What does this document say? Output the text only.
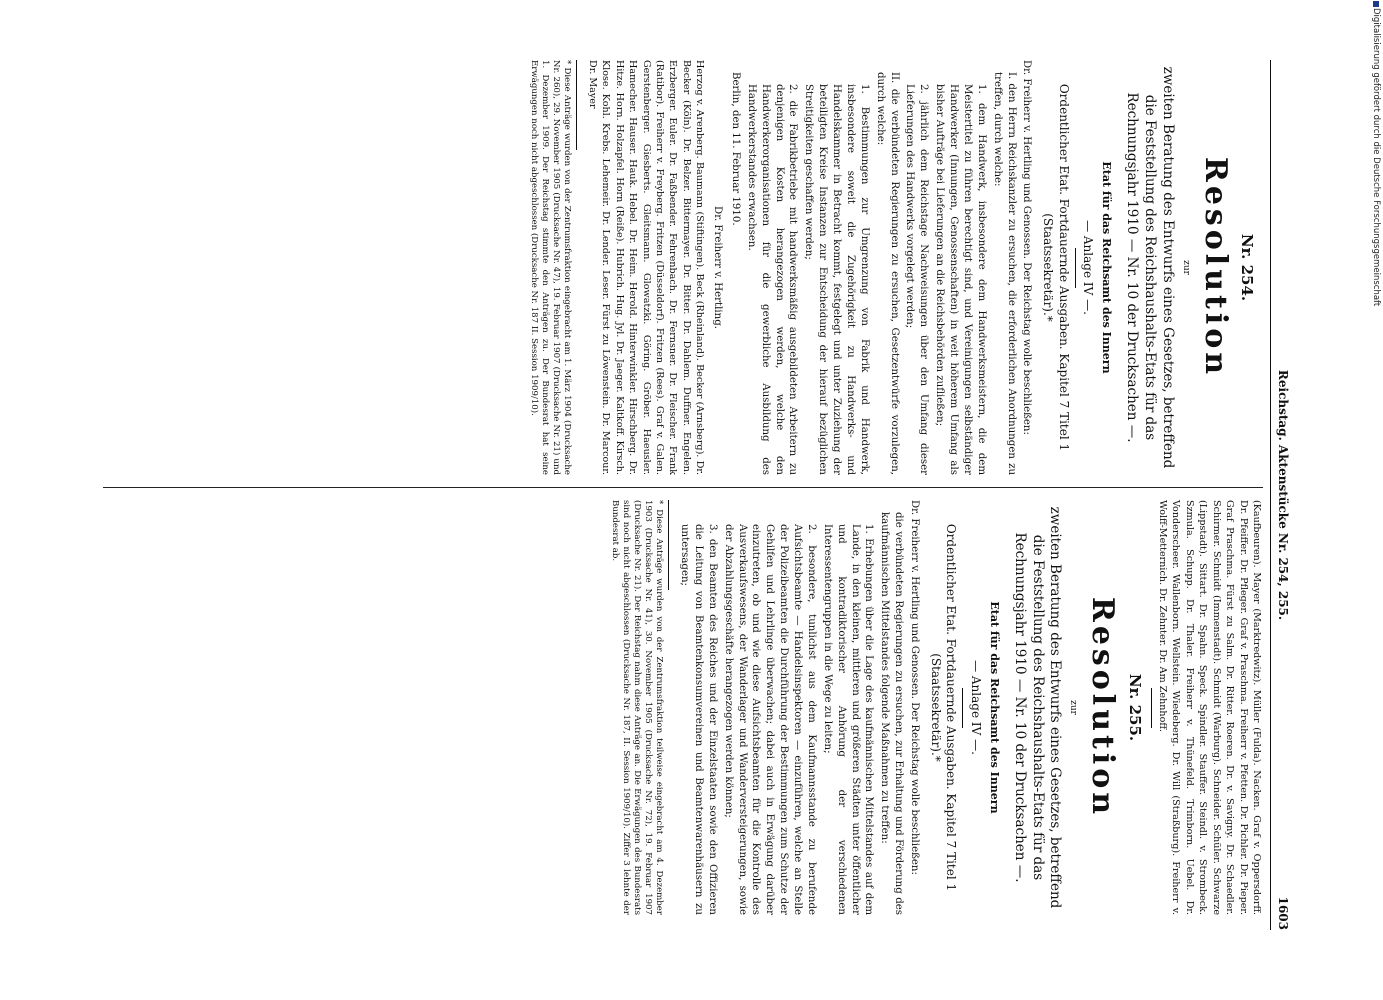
Digitalisierung gefördert durch die Deutsche Forschungsgemeinschaft
Reichstag. Aktenstücke Nr. 254, 255.
1603
Nr. 254.
Resolution
zur
zweiten Beratung des Entwurfs eines Gesetzes, betreffend die Feststellung des Reichshaushalts-Etats für das Rechnungsjahr 1910 — Nr. 10 der Drucksachen —.
Etat für das Reichsamt des Innern
— Anlage IV —.
Ordentlicher Etat. Fortdauernde Ausgaben. Kapitel 7 Titel 1 (Staatssekretär).*

Dr. Freiherr v. Hertling und Genossen. Der Reichstag wolle beschließen:

I. den Herrn Reichskanzler zu ersuchen, die erforderlichen Anordnungen zu treffen, durch welche:

1. dem Handwerk, insbesondere dem Handwerksmeistern, die dem Meistertitel zu führen berechtigt sind, und Vereinigungen selbständiger Handwerker (Innungen, Genossenschaften) in weit höherem Umfang als bisher Aufträge bei Lieferungen an die Reichsbehörden zufließen;

2. jährlich dem Reichstage Nachweisungen über den Umfang dieser Lieferungen des Handwerks vorgelegt werden;

II. die verbündeten Regierungen zu ersuchen, Gesetzentwürfe vorzulegen, durch welche:

1. Bestimmungen zur Umgrenzung von Fabrik und Handwerk, insbesondere soweit die Zugehörigkeit zu Handwerks- und Handelskammer in Betracht kommt, festgelegt und unter Zuziehung der beteiligten Kreise Instanzen zur Entscheidung der hierauf bezüglichen Streitigkeiten geschaffen werden;

2. die Fabrikbetriebe mit handwerksmäßig ausgebildeten Arbeitern zu denjenigen Kosten herangezogen werden, welche den Handwerkerorganisationen für die gewerbliche Ausbildung des Handwerkerstandes erwachsen.

Berlin, den 11. Februar 1910.

Dr. Freiherr v. Hertling.

Herzog v. Arenberg. Baumann (Stiftingen). Beck (Rheinland). Becker (Arnsberg). Dr. Becker (Köln). Dr. Belzer. Bittermayer. Dr. Bitter. Dr. Dahlem. Duffner. Engelen. Erzberger. Euler. Dr. Faßbender. Fehrenbach. Dr. Fernsner. Dr. Fleischer. Frank (Ratibor). Freiherr v. Freyberg. Fritzen (Düsseldorf). Fritzen (Rees). Graf v. Galen. Gerstenberger. Giesberts. Gleitsmann. Glowatzki. Göring. Gröber. Haeusler. Hamecher. Hauser. Hauk. Hebel. Dr. Heim. Herold. Hinterwinkler. Hirschberg. Dr. Hitze. Horn. Holzapfel. Horn (Reiße). Hubrich. Hug. Jyl. Dr. Jaeger. Kaltkoff. Kirsch. Klose. Kohl. Krebs. Lehemeir. Dr. Lender. Leser. Fürst zu Löwenstein. Dr. Marcour. Dr. Mayer

* Diese Anträge wurden von der Zentrumsfraktion eingebracht am 1. März 1904 (Drucksache Nr. 260), 29. November 1905 (Drucksache Nr. 47), 19. Februar 1907 (Drucksache Nr. 21) und 1. Dezember 1909. Der Reichstag stimmte den Anträgen zu. Der Bundesrat hat seine Erwägungen noch nicht abgeschlossen (Drucksache Nr. 187 II. Session 1909/10).

(Kaufbeuren). Mayer (Marktredwitz). Müller (Fulda). Nacken. Graf v. Oppersdorff. Dr. Pfeiffer. Dr. Pfleger. Graf v. Praschma. Freiherr v. Pfetten. Dr. Pichler. Dr. Pieper. Graf Praschma. Fürst zu Salm. Dr. Ritter. Roeren. Dr. v. Savigny. Dr. Schaedler. Schirmer. Schmidt (Immenstadt). Schmidt (Warburg). Schneider. Schüler. Schwarze (Lippstadt). Sittart. Dr. Spahn. Speck. Spindler. Stauffer. Steindl. v. Strombeck. Szmula. Schupp. Dr. Thaler. Freiherr v. Thünefeld. Trimborn. Uebel. Dr. Vonderscheer. Wallenborn. Wellstein. Wiedeberg. Dr. Will (Straßburg). Freiherr v. Wolff-Metternich. Dr. Zehnter. Dr. Am Zehnhoff.

Nr. 255.
Resolution
zur
zweiten Beratung des Entwurfs eines Gesetzes, betreffend die Feststellung des Reichshaushalts-Etats für das Rechnungsjahr 1910 — Nr. 10 der Drucksachen —.
Etat für das Reichsamt des Innern
— Anlage IV —.
Ordentlicher Etat. Fortdauernde Ausgaben. Kapitel 7 Titel 1 (Staatssekretär).*

Dr. Freiherr v. Hertling und Genossen. Der Reichstag wolle beschließen:

die verbündeten Regierungen zu ersuchen, zur Erhaltung und Förderung des kaufmännischen Mittelstandes folgende Maßnahmen zu treffen:

1. Erhebungen über die Lage des kaufmännischen Mittelstandes auf dem Lande, in den kleinen, mittleren und größeren Städten unter öffentlicher und kontradiktorischer Anhörung der verschiedenen Interessentengruppen in die Wege zu leiten;

2. besondere, tunlichst aus dem Kaufmannsstande zu berufende Aufsichtsbeamte — Handelsinspektoren — einzuführen, welche an Stelle der Polizeibeamten die Durchführung der Bestimmungen zum Schutze der Gehilfen und Lehrlinge überwachen; dabei auch in Erwägung darüber einzutreten, ob und wie diese Aufsichtsbeamten für die Kontrolle des Ausverkaufswesens, der Wanderlager und Wanderversteigerungen, sowie der Abzahlungsgeschäfte herangezogen werden können;

3. den Beamten des Reiches und der Einzelstaaten sowie den Offizieren die Leitung von Beamtenkonsumvereinen und Beamtenwarenhäusern zu untersagen;

* Diese Anträge wurden von der Zentrumsfraktion teilweise eingebracht am 4. Dezember 1903 (Drucksache Nr. 41), 30. November 1905 (Drucksache Nr. 72), 19. Februar 1907 (Drucksache Nr. 21). Der Reichstag nahm diese Anträge an. Die Erwägungen des Bundesrats sind noch nicht abgeschlossen (Drucksache Nr. 187, II. Session 1909/10). Ziffer 3 lehnte der Bundesrat ab.
